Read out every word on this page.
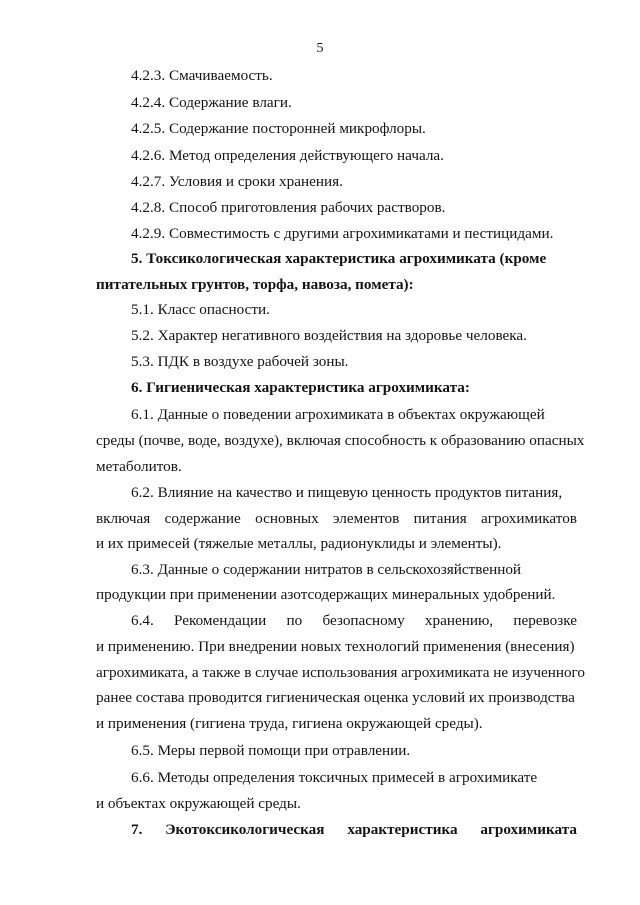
5
4.2.3. Смачиваемость.
4.2.4. Содержание влаги.
4.2.5. Содержание посторонней микрофлоры.
4.2.6. Метод определения действующего начала.
4.2.7. Условия и сроки хранения.
4.2.8. Способ приготовления рабочих растворов.
4.2.9. Совместимость с другими агрохимикатами и пестицидами.
5. Токсикологическая характеристика агрохимиката (кроме
питательных грунтов, торфа, навоза, помета):
5.1. Класс опасности.
5.2. Характер негативного воздействия на здоровье человека.
5.3. ПДК в воздухе рабочей зоны.
6. Гигиеническая характеристика агрохимиката:
6.1. Данные о поведении агрохимиката в объектах окружающей
среды (почве, воде, воздухе), включая способность к образованию опасных
метаболитов.
6.2. Влияние на качество и пищевую ценность продуктов питания,
включая содержание основных элементов питания агрохимикатов
и их примесей (тяжелые металлы, радионуклиды и элементы).
6.3. Данные о содержании нитратов в сельскохозяйственной
продукции при применении азотсодержащих минеральных удобрений.
6.4. Рекомендации по безопасному хранению, перевозке
и применению. При внедрении новых технологий применения (внесения)
агрохимиката, а также в случае использования агрохимиката не изученного
ранее состава проводится гигиеническая оценка условий их производства
и применения (гигиена труда, гигиена окружающей среды).
6.5. Меры первой помощи при отравлении.
6.6. Методы определения токсичных примесей в агрохимикате
и объектах окружающей среды.
7. Экотоксикологическая характеристика агрохимиката
